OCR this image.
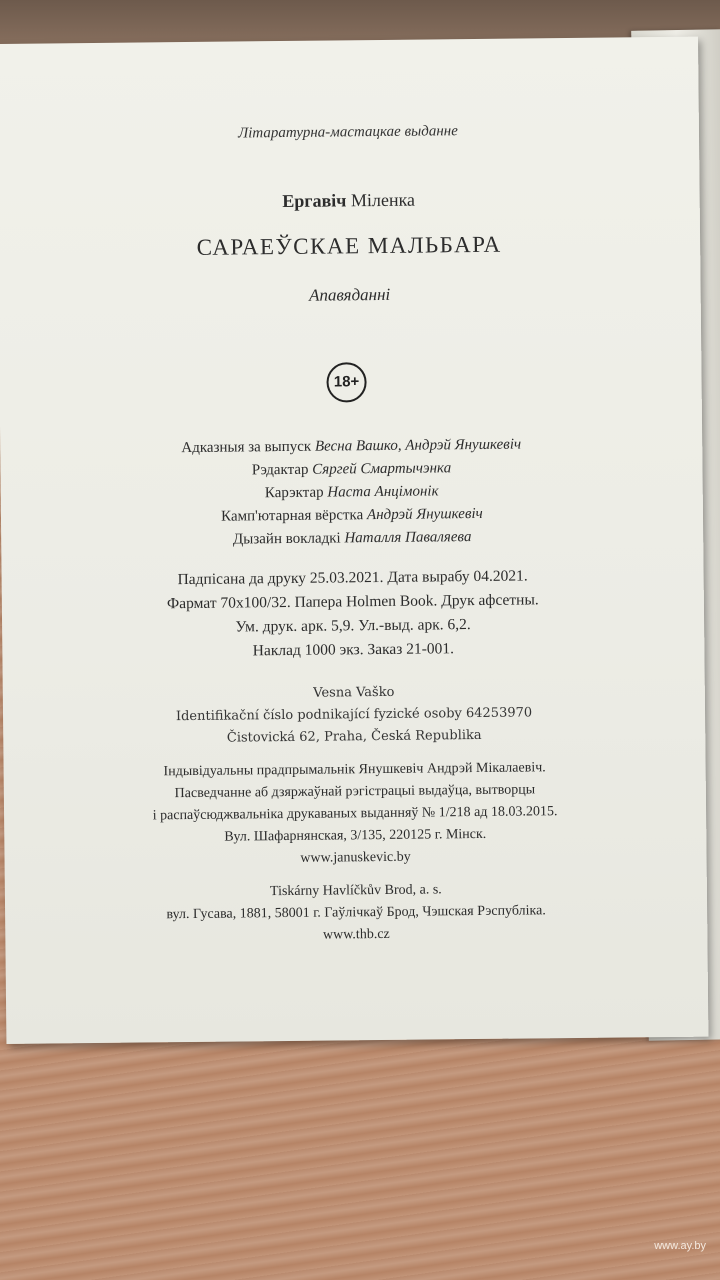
Літаратурна-мастацкае выданне
Ергавіч Міленка
САРАЕЎСКАЕ МАЛЬБАРА
Апавяданні
18+
Адказныя за выпуск Весна Вашко, Андрэй Янушкевіч
Рэдактар Сяргей Смартычэнка
Карэктар Наста Анцімонік
Камп'ютарная вёрстка Андрэй Янушкевіч
Дызайн вокладкі Наталля Паваляева
Падпісана да друку 25.03.2021. Дата вырабу 04.2021.
Фармат 70х100/32. Папера Holmen Book. Друк афсетны.
Ум. друк. арк. 5,9. Ул.-выд. арк. 6,2.
Наклад 1000 экз. Заказ 21-001.
Vesna Vaško
Identifikační číslo podnikající fyzické osoby 64253970
Čistovická 62, Praha, Česká Republika
Індывідуальны прадпрымальнік Янушкевіч Андрэй Мікалаевіч.
Пасведчанне аб дзяржаўнай рэгістрацыі выдаўца, вытворцы
і распаўсюджвальніка друкаваных выданняў № 1/218 ад 18.03.2015.
Вул. Шафарнянская, 3/135, 220125 г. Мінск.
www.januskevic.by
Tiskárny Havlíčkův Brod, a. s.
вул. Гусава, 1881, 58001 г. Гаўлічкаў Брод, Чэшская Рэспубліка.
www.thb.cz
www.ay.by
